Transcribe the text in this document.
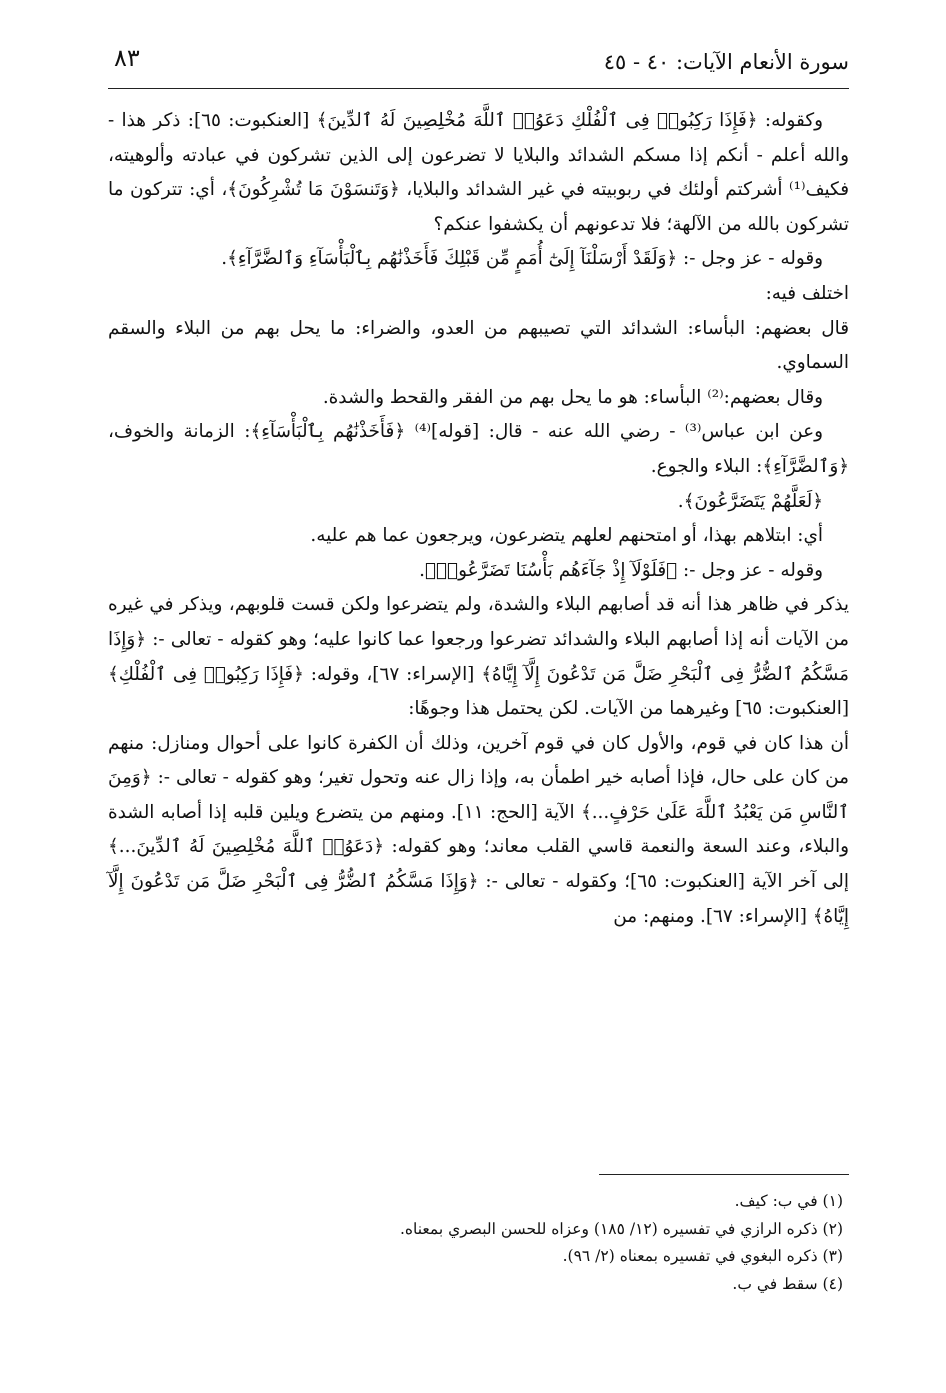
سورة الأنعام الآيات: ٤٠ - ٤٥
٨٣

وكقوله: ﴿فَإِذَا رَكِبُوا۟ فِى ٱلْفُلْكِ دَعَوُا۟ ٱللَّهَ مُخْلِصِينَ لَهُ ٱلدِّينَ﴾ [العنكبوت: ٦٥]: ذكر هذا - والله أعلم - أنكم إذا مسكم الشدائد والبلايا لا تضرعون إلى الذين تشركون في عبادته وألوهيته، فكيف⁽¹⁾ أشركتم أولئك في ربوبيته في غير الشدائد والبلايا، ﴿وَتَنسَوْنَ مَا تُشْرِكُونَ﴾، أي: تتركون ما تشركون بالله من الآلهة؛ فلا تدعونهم أن يكشفوا عنكم؟

وقوله - عز وجل -: ﴿وَلَقَدْ أَرْسَلْنَآ إِلَىٰٓ أُمَمٍ مِّن قَبْلِكَ فَأَخَذْنَٰهُم بِٱلْبَأْسَآءِ وَٱلضَّرَّآءِ﴾.

اختلف فيه:

قال بعضهم: البأساء: الشدائد التي تصيبهم من العدو، والضراء: ما يحل بهم من البلاء والسقم السماوي.

وقال بعضهم:⁽²⁾ البأساء: هو ما يحل بهم من الفقر والقحط والشدة.

وعن ابن عباس⁽³⁾ - رضي الله عنه - قال: [قوله]⁽⁴⁾ ﴿فَأَخَذْنَٰهُم بِٱلْبَأْسَآءِ﴾: الزمانة والخوف، ﴿وَٱلضَّرَّآءِ﴾: البلاء والجوع.

﴿لَعَلَّهُمْ يَتَضَرَّعُونَ﴾.

أي: ابتلاهم بهذا، أو امتحنهم لعلهم يتضرعون، ويرجعون عما هم عليه.

وقوله - عز وجل -: ﴿فَلَوْلَآ إِذْ جَآءَهُم بَأْسُنَا تَضَرَّعُوا۟﴾.

يذكر في ظاهر هذا أنه قد أصابهم البلاء والشدة، ولم يتضرعوا ولكن قست قلوبهم، ويذكر في غيره من الآيات أنه إذا أصابهم البلاء والشدائد تضرعوا ورجعوا عما كانوا عليه؛ وهو كقوله - تعالى -: ﴿وَإِذَا مَسَّكُمُ ٱلضُّرُّ فِى ٱلْبَحْرِ ضَلَّ مَن تَدْعُونَ إِلَّآ إِيَّاهُ﴾ [الإسراء: ٦٧]، وقوله: ﴿فَإِذَا رَكِبُوا۟ فِى ٱلْفُلْكِ﴾ [العنكبوت: ٦٥] وغيرهما من الآيات. لكن يحتمل هذا وجوهًا:

أن هذا كان في قوم، والأول كان في قوم آخرين، وذلك أن الكفرة كانوا على أحوال ومنازل: منهم من كان على حال، فإذا أصابه خير اطمأن به، وإذا زال عنه وتحول تغير؛ وهو كقوله - تعالى -: ﴿وَمِنَ ٱلنَّاسِ مَن يَعْبُدُ ٱللَّهَ عَلَىٰ حَرْفٍ...﴾ الآية [الحج: ١١]. ومنهم من يتضرع ويلين قلبه إذا أصابه الشدة والبلاء، وعند السعة والنعمة قاسي القلب معاند؛ وهو كقوله: ﴿دَعَوُا۟ ٱللَّهَ مُخْلِصِينَ لَهُ ٱلدِّينَ...﴾ إلى آخر الآية [العنكبوت: ٦٥]؛ وكقوله - تعالى -: ﴿وَإِذَا مَسَّكُمُ ٱلضُّرُّ فِى ٱلْبَحْرِ ضَلَّ مَن تَدْعُونَ إِلَّآ إِيَّاهُ﴾ [الإسراء: ٦٧]. ومنهم: من

(١) في ب: كيف.

(٢) ذكره الرازي في تفسيره (١٢/ ١٨٥) وعزاه للحسن البصري بمعناه.

(٣) ذكره البغوي في تفسيره بمعناه (٢/ ٩٦).

(٤) سقط في ب.
